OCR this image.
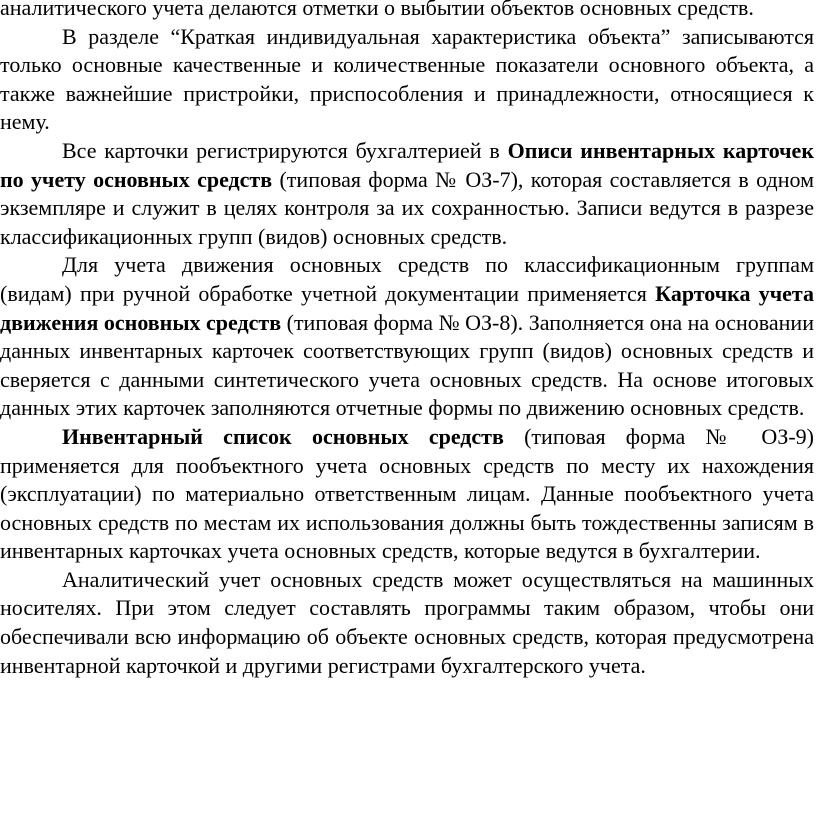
аналитического учета делаются отметки о выбытии объектов основных средств.

В разделе “Краткая индивидуальная характеристика объекта” записываются только основные качественные и количественные показатели основного объекта, а также важнейшие пристройки, приспособления и принадлежности, относящиеся к нему.

Все карточки регистрируются бухгалтерией в Описи инвентарных карточек по учету основных средств (типовая форма № ОЗ-7), которая составляется в одном экземпляре и служит в целях контроля за их сохранностью. Записи ведутся в разрезе классификационных групп (видов) основных средств.

Для учета движения основных средств по классификационным группам (видам) при ручной обработке учетной документации применяется Карточка учета движения основных средств (типовая форма № ОЗ-8). Заполняется она на основании данных инвентарных карточек соответствующих групп (видов) основных средств и сверяется с данными синтетического учета основных средств. На основе итоговых данных этих карточек заполняются отчетные формы по движению основных средств.

Инвентарный список основных средств (типовая форма № ОЗ-9) применяется для пообъектного учета основных средств по месту их нахождения (эксплуатации) по материально ответственным лицам. Данные пообъектного учета основных средств по местам их использования должны быть тождественны записям в инвентарных карточках учета основных средств, которые ведутся в бухгалтерии.

Аналитический учет основных средств может осуществляться на машинных носителях. При этом следует составлять программы таким образом, чтобы они обеспечивали всю информацию об объекте основных средств, которая предусмотрена инвентарной карточкой и другими регистрами бухгалтерского учета.
